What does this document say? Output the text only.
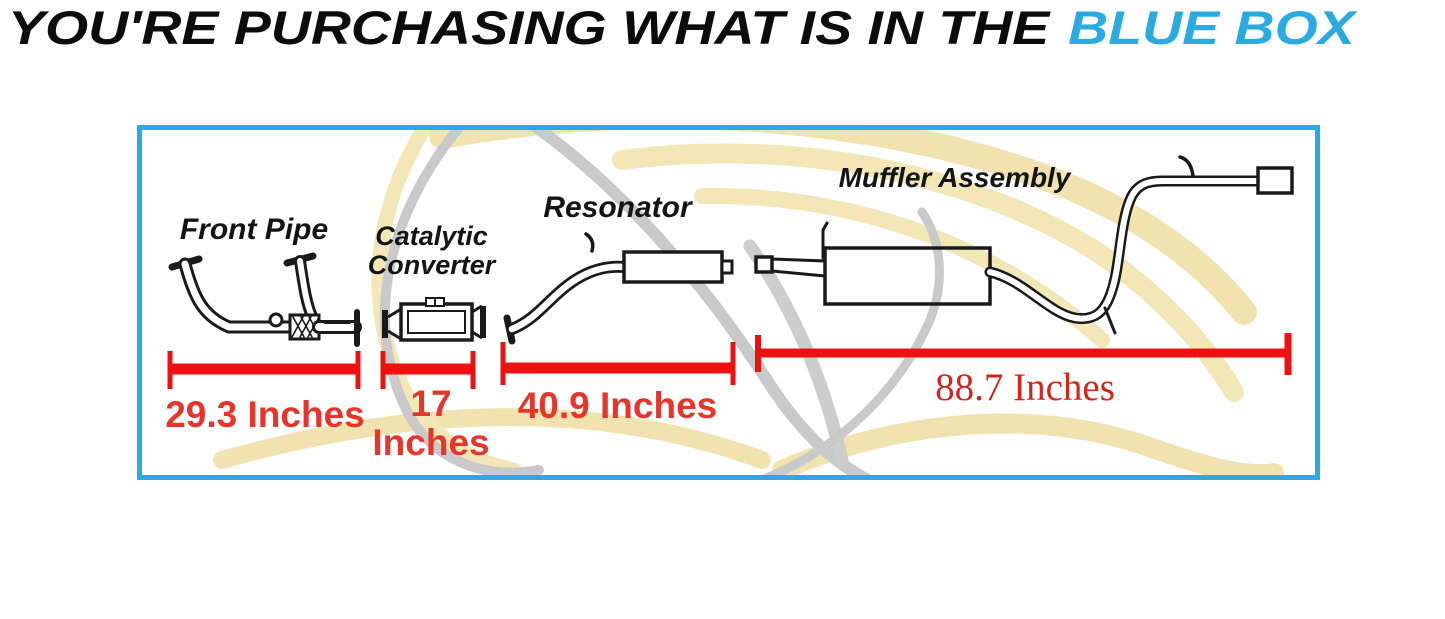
YOU'RE PURCHASING WHAT IS IN THE BLUE BOX
Front Pipe	Catalytic Converter
Resonator
Muffler Assembly
29.3 Inches	17 Inches
40.9 Inches	88.7 Inches
